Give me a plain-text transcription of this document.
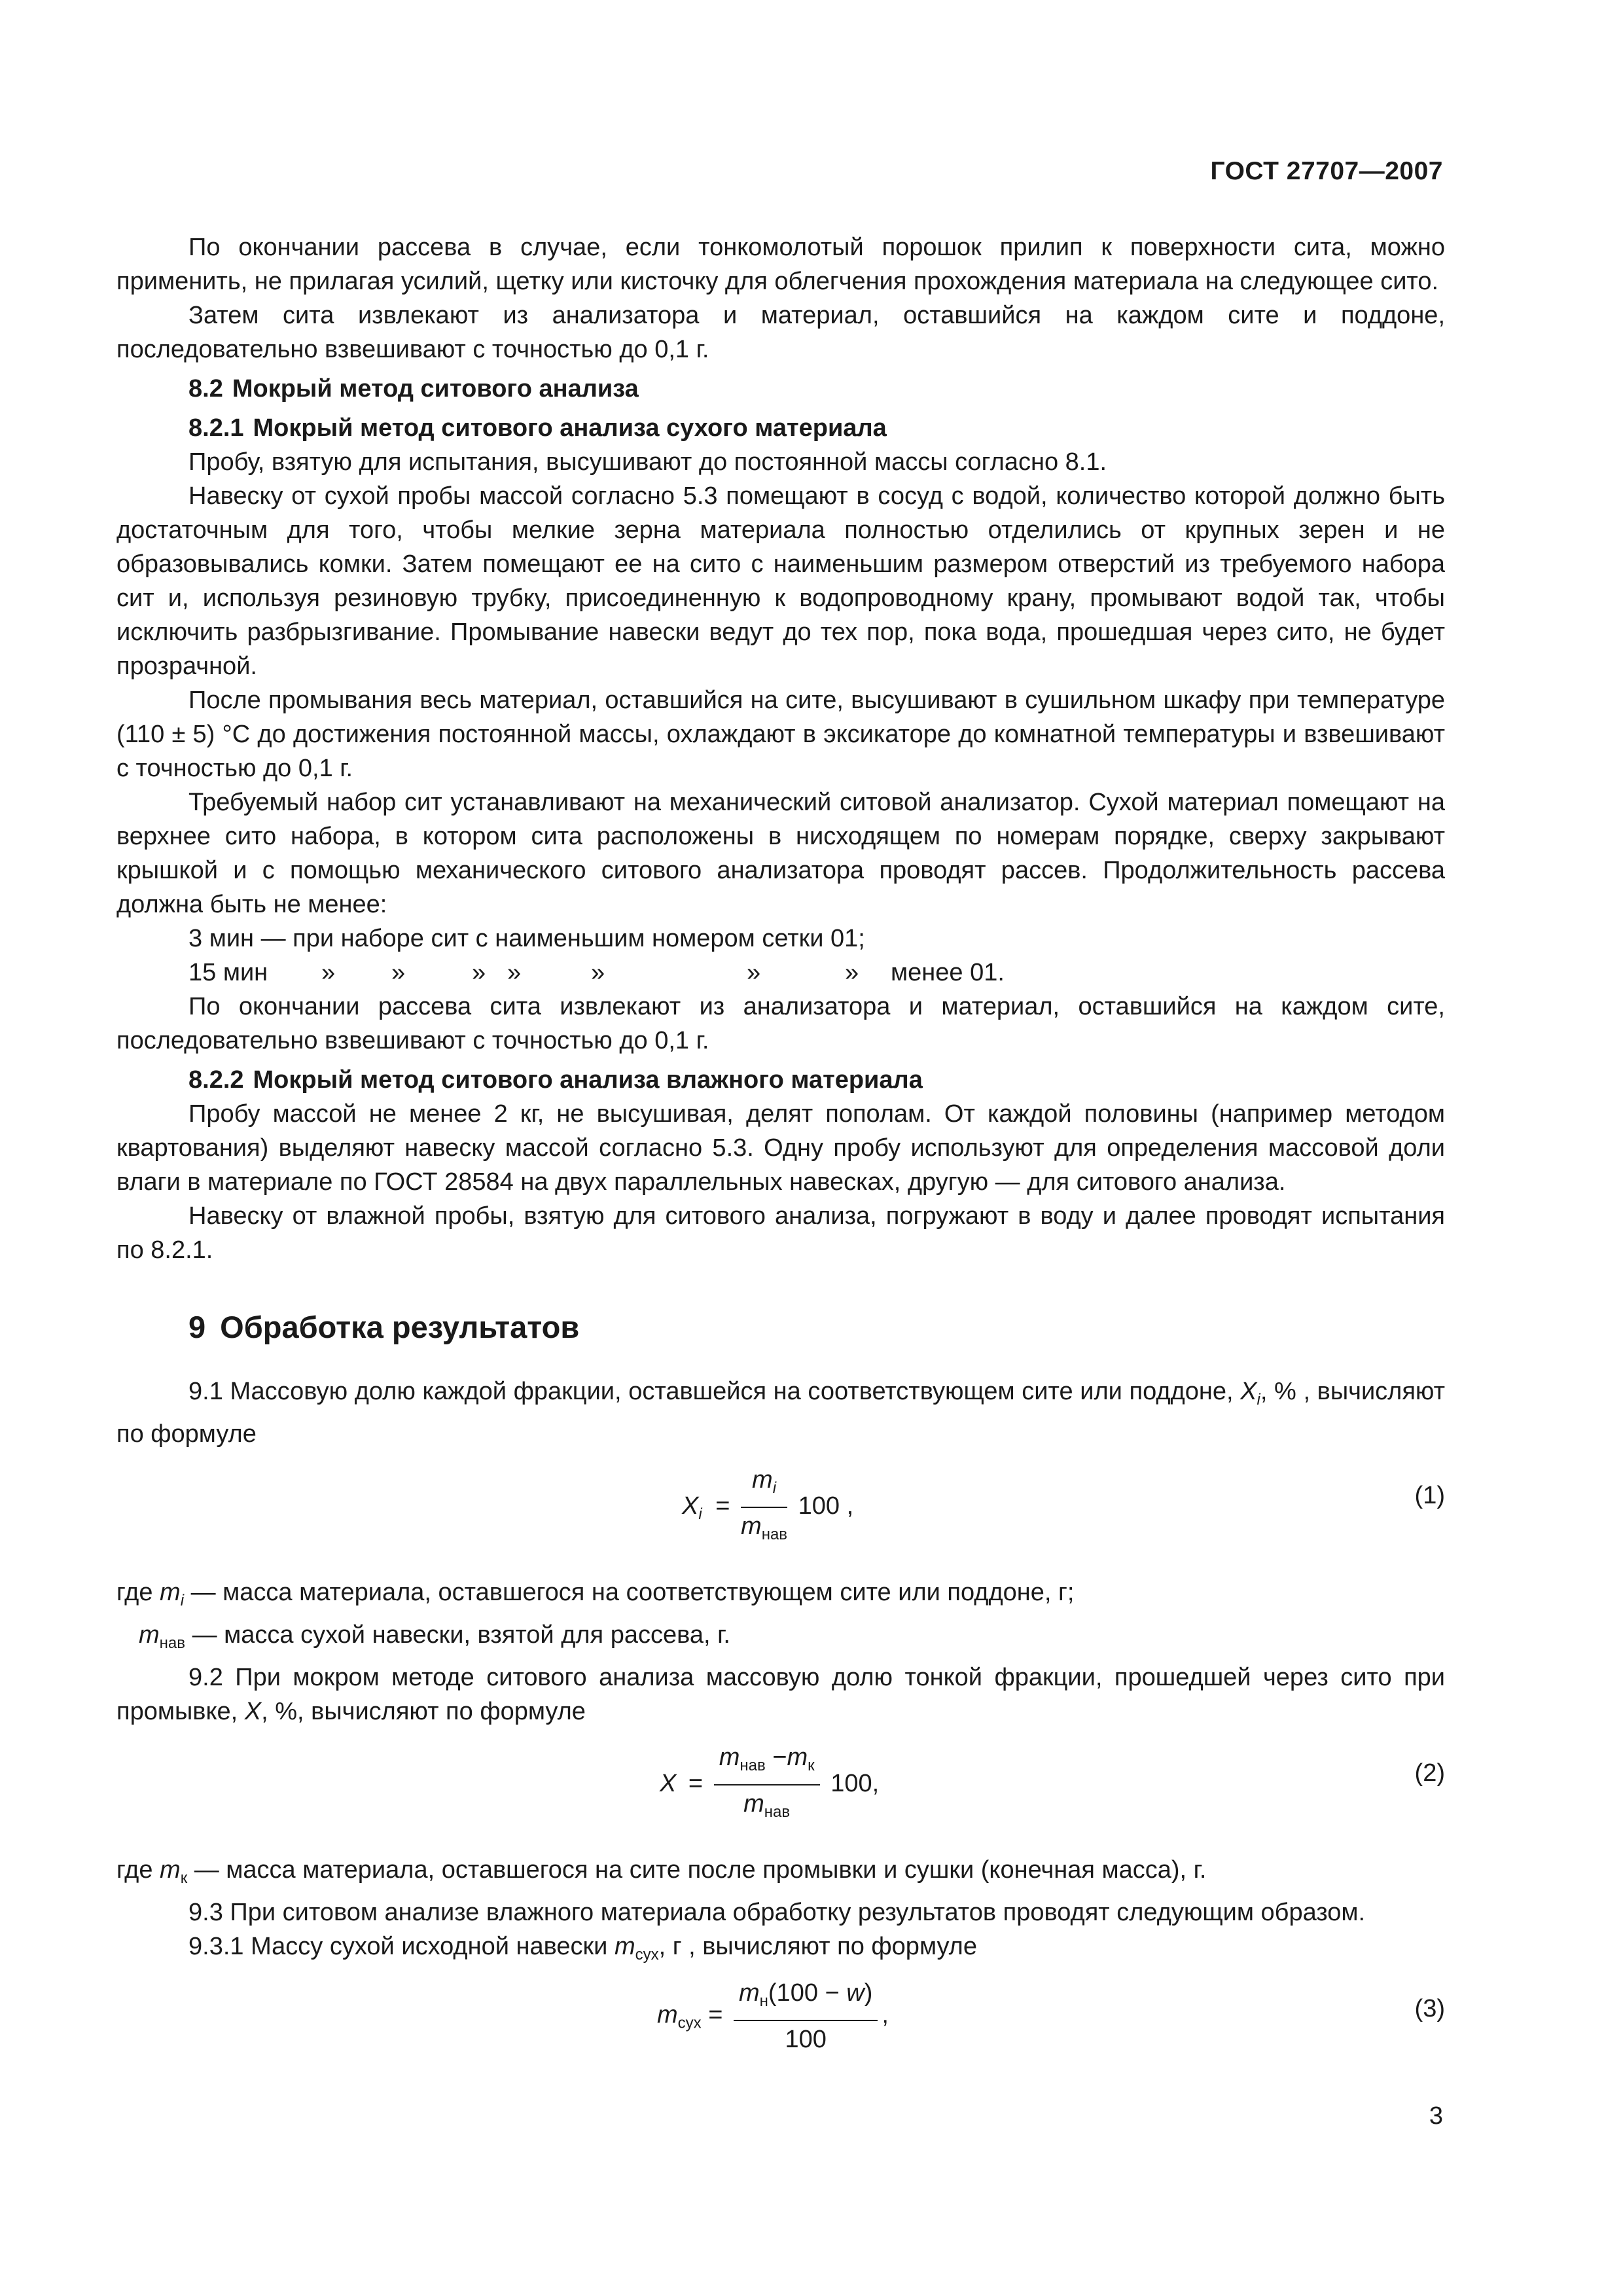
ГОСТ 27707—2007

По окончании рассева в случае, если тонкомолотый порошок прилип к поверхности сита, можно применить, не прилагая усилий, щетку или кисточку для облегчения прохождения материала на следующее сито.

Затем сита извлекают из анализатора и материал, оставшийся на каждом сите и поддоне, последовательно взвешивают с точностью до 0,1 г.

8.2 Мокрый метод ситового анализа

8.2.1 Мокрый метод ситового анализа сухого материала

Пробу, взятую для испытания, высушивают до постоянной массы согласно 8.1.

Навеску от сухой пробы массой согласно 5.3 помещают в сосуд с водой, количество которой должно быть достаточным для того, чтобы мелкие зерна материала полностью отделились от крупных зерен и не образовывались комки. Затем помещают ее на сито с наименьшим размером отверстий из требуемого набора сит и, используя резиновую трубку, присоединенную к водопроводному крану, промывают водой так, чтобы исключить разбрызгивание. Промывание навески ведут до тех пор, пока вода, прошедшая через сито, не будет прозрачной.

После промывания весь материал, оставшийся на сите, высушивают в сушильном шкафу при температуре (110 ± 5) °С до достижения постоянной массы, охлаждают в эксикаторе до комнатной температуры и взвешивают с точностью до 0,1 г.

Требуемый набор сит устанавливают на механический ситовой анализатор. Сухой материал помещают на верхнее сито набора, в котором сита расположены в нисходящем по номерам порядке, сверху закрывают крышкой и с помощью механического ситового анализатора проводят рассев. Продолжительность рассева должна быть не менее:

3 мин — при наборе сит с наименьшим номером сетки 01;

15 мин » »	» »	»	»	» менее 01.

По окончании рассева сита извлекают из анализатора и материал, оставшийся на каждом сите, последовательно взвешивают с точностью до 0,1 г.

8.2.2 Мокрый метод ситового анализа влажного материала

Пробу массой не менее 2 кг, не высушивая, делят пополам. От каждой половины (например методом квартования) выделяют навеску массой согласно 5.3. Одну пробу используют для определения массовой доли влаги в материале по ГОСТ 28584 на двух параллельных навесках, другую — для ситового анализа.

Навеску от влажной пробы, взятую для ситового анализа, погружают в воду и далее проводят испытания по 8.2.1.

9 Обработка результатов

9.1 Массовую долю каждой фракции, оставшейся на соответствующем сите или поддоне, $X_i$, % , вычисляют по формуле

$X_i = \frac{m_i}{m_{нав}} 100$ ,	(1)

где $m_i$ — масса материала, оставшегося на соответствующем сите или поддоне, г;

$m_{нав}$ — масса сухой навески, взятой для рассева, г.

9.2 При мокром методе ситового анализа массовую долю тонкой фракции, прошедшей через сито при промывке, X, %, вычисляют по формуле

$X = \frac{m_{нав} -m_к}{m_{нав}} 100$,	(2)

где $m_к$ — масса материала, оставшегося на сите после промывки и сушки (конечная масса), г.

9.3 При ситовом анализе влажного материала обработку результатов проводят следующим образом.

9.3.1 Массу сухой исходной навески $m_{сух}$, г , вычисляют по формуле

$m_{сух} = \frac{m_н(100 - w)}{100}$ ,	(3)
3
